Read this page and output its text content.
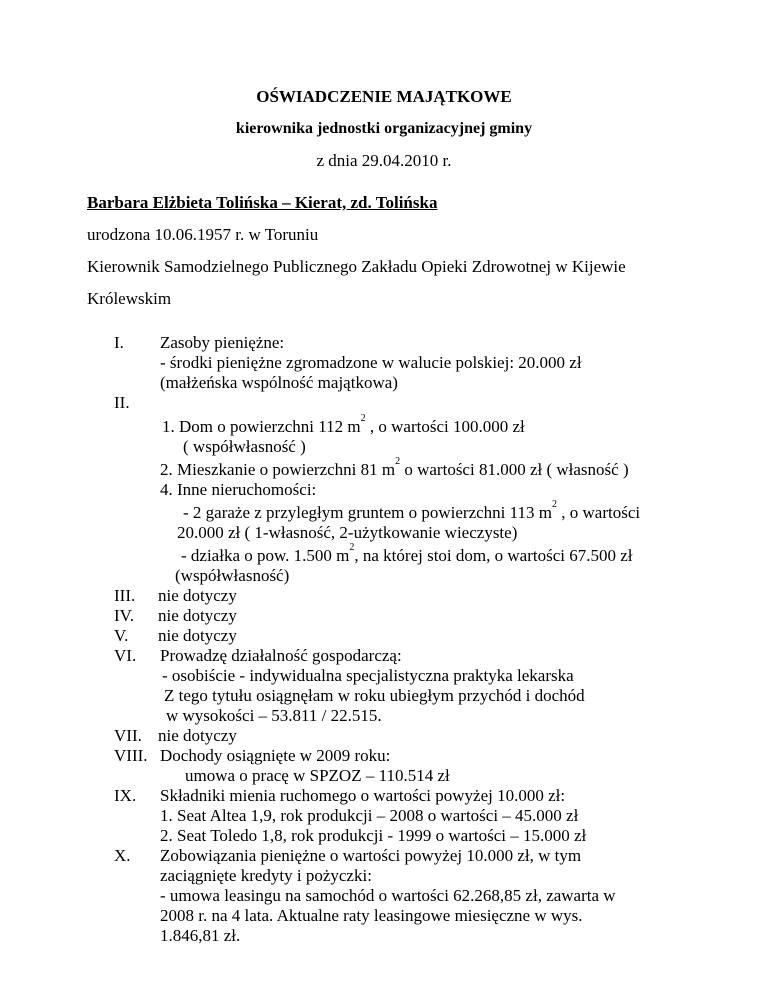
OŚWIADCZENIE MAJĄTKOWE
kierownika jednostki organizacyjnej gminy
z dnia 29.04.2010 r.
Barbara Elżbieta Tolińska – Kierat, zd. Tolińska
urodzona 10.06.1957 r. w Toruniu
Kierownik Samodzielnego Publicznego Zakładu Opieki Zdrowotnej w Kijewie
Królewskim
I. Zasoby pieniężne:
- środki pieniężne zgromadzone w walucie polskiej: 20.000 zł
(małżeńska wspólność majątkowa)
II.
1. Dom o powierzchni 112 $m^2$ , o wartości 100.000 zł
( współwłasność )
2. Mieszkanie o powierzchni 81 $m^2$ o wartości 81.000 zł ( własność )
4. Inne nieruchomości:
- 2 garaże z przyległym gruntem o powierzchni 113 $m^2$ , o wartości
20.000 zł ( 1-własność, 2-użytkowanie wieczyste)
- działka o pow. 1.500 $m^2$, na której stoi dom, o wartości 67.500 zł
(współwłasność)
III. nie dotyczy
IV. nie dotyczy
V. nie dotyczy
VI. Prowadzę działalność gospodarczą:
- osobiście - indywidualna specjalistyczna praktyka lekarska
Z tego tytułu osiągnęłam w roku ubiegłym przychód i dochód
w wysokości – 53.811 / 22.515.
VII. nie dotyczy
VIII. Dochody osiągnięte w 2009 roku:
umowa o pracę w SPZOZ – 110.514 zł
IX. Składniki mienia ruchomego o wartości powyżej 10.000 zł:
1. Seat Altea 1,9, rok produkcji – 2008 o wartości – 45.000 zł
2. Seat Toledo 1,8, rok produkcji - 1999 o wartości – 15.000 zł
X. Zobowiązania pieniężne o wartości powyżej 10.000 zł, w tym
zaciągnięte kredyty i pożyczki:
- umowa leasingu na samochód o wartości 62.268,85 zł, zawarta w
2008 r. na 4 lata. Aktualne raty leasingowe miesięczne w wys.
1.846,81 zł.
